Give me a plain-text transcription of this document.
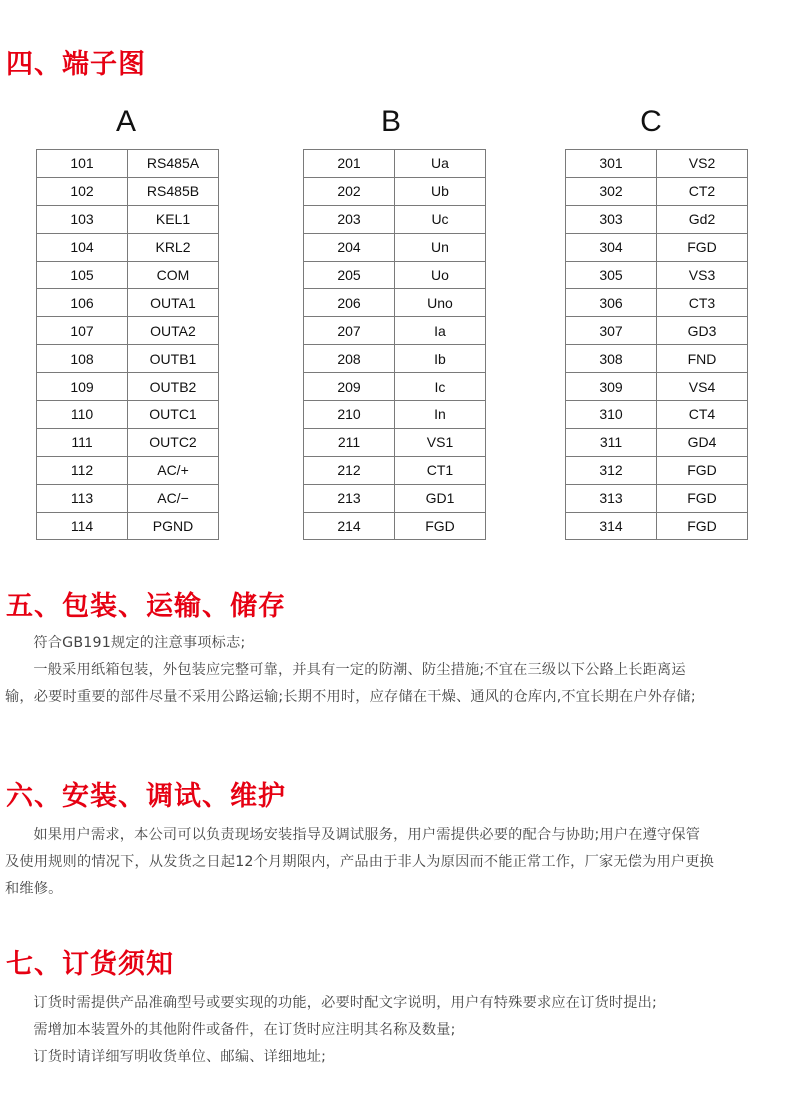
四、端子图
A	B	C
101	RS485A
102	RS485B
103	KEL1
104	KRL2
105	COM
106	OUTA1
107	OUTA2
108	OUTB1
109	OUTB2
110	OUTC1
111	OUTC2
112	AC/+
113	AC/−
114	PGND
201	Ua
202	Ub
203	Uc
204	Un
205	Uo
206	Uno
207	Ia
208	Ib
209	Ic
210	In
211	VS1
212	CT1
213	GD1
214	FGD
301	VS2
302	CT2
303	Gd2
304	FGD
305	VS3
306	CT3
307	GD3
308	FND
309	VS4
310	CT4
311	GD4
312	FGD
313	FGD
314	FGD
五、包装、运输、储存

符合GB191规定的注意事项标志;

一般采用纸箱包装，外包装应完整可靠，并具有一定的防潮、防尘措施;不宜在三级以下公路上长距离运

输，必要时重要的部件尽量不采用公路运输;长期不用时，应存储在干燥、通风的仓库内,不宜长期在户外存储;

六、安装、调试、维护

如果用户需求，本公司可以负责现场安装指导及调试服务，用户需提供必要的配合与协助;用户在遵守保管

及使用规则的情况下，从发货之日起12个月期限内，产品由于非人为原因而不能正常工作，厂家无偿为用户更换

和维修。

七、订货须知

订货时需提供产品准确型号或要实现的功能，必要时配文字说明，用户有特殊要求应在订货时提出;

需增加本装置外的其他附件或备件，在订货时应注明其名称及数量;

订货时请详细写明收货单位、邮编、详细地址;
